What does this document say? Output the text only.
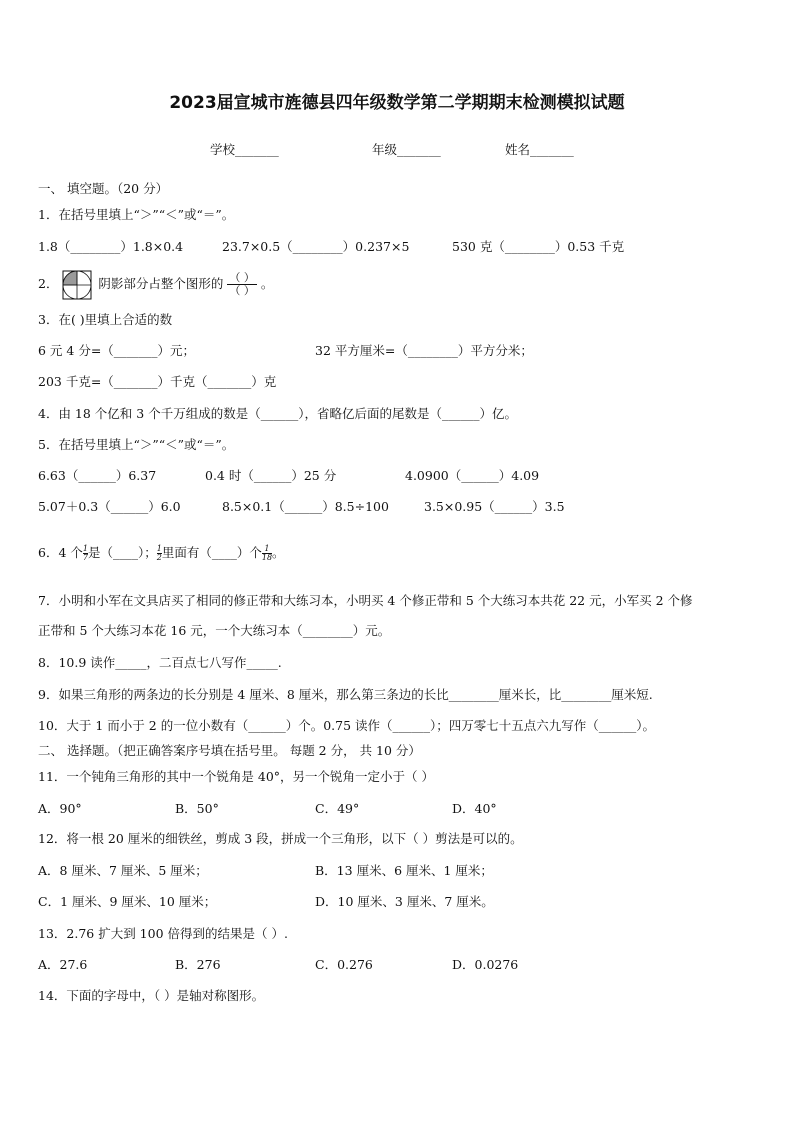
2023届宣城市旌德县四年级数学第二学期期末检测模拟试题
学校_______	年级_______	姓名_______
一、 填空题。（20 分）
1．在括号里填上“＞”“＜”或“＝”。
1.8（________）1.8×0.4	23.7×0.5（________）0.237×5	530 克（________）0.53 千克
2．	阴影部分占整个图形的 $\frac{( )}{( )}$ 。
3．在( )里填上合适的数
6 元 4 分=（_______）元；	32 平方厘米=（________）平方分米；
203 千克=（_______）千克（_______）克
4．由 18 个亿和 3 个千万组成的数是（______），省略亿后面的尾数是（______）亿。
5．在括号里填上“＞”“＜”或“＝”。
6.63（______）6.37	0.4 时（______）25 分	4.0900（______）4.09
5.07＋0.3（______）6.0	8.5×0.1（______）8.5÷100	3.5×0.95（______）3.5
6．4 个 $\frac{1}{7}$ 是（____）； $\frac{1}{2}$ 里面有（____）个 $\frac{1}{18}$ 。
7．小明和小军在文具店买了相同的修正带和大练习本，小明买 4 个修正带和 5 个大练习本共花 22 元，小军买 2 个修
正带和 5 个大练习本花 16 元，一个大练习本（________）元。
8．10.9 读作_____，二百点七八写作_____.
9．如果三角形的两条边的长分别是 4 厘米、8 厘米，那么第三条边的长比________厘米长，比________厘米短.
10．大于 1 而小于 2 的一位小数有（______）个。0.75 读作（______）；四万零七十五点六九写作（______）。
二、 选择题。（把正确答案序号填在括号里。 每题 2 分， 共 10 分）
11．一个钝角三角形的其中一个锐角是 40°，另一个锐角一定小于（ ）
A．90°	B．50°	C．49°	D．40°
12．将一根 20 厘米的细铁丝，剪成 3 段，拼成一个三角形，以下（ ）剪法是可以的。
A．8 厘米、7 厘米、5 厘米；	B．13 厘米、6 厘米、1 厘米；
C．1 厘米、9 厘米、10 厘米；	D．10 厘米、3 厘米、7 厘米。
13．2.76 扩大到 100 倍得到的结果是（ ）.
A．27.6	B．276	C．0.276	D．0.0276
14．下面的字母中，（ ）是轴对称图形。
